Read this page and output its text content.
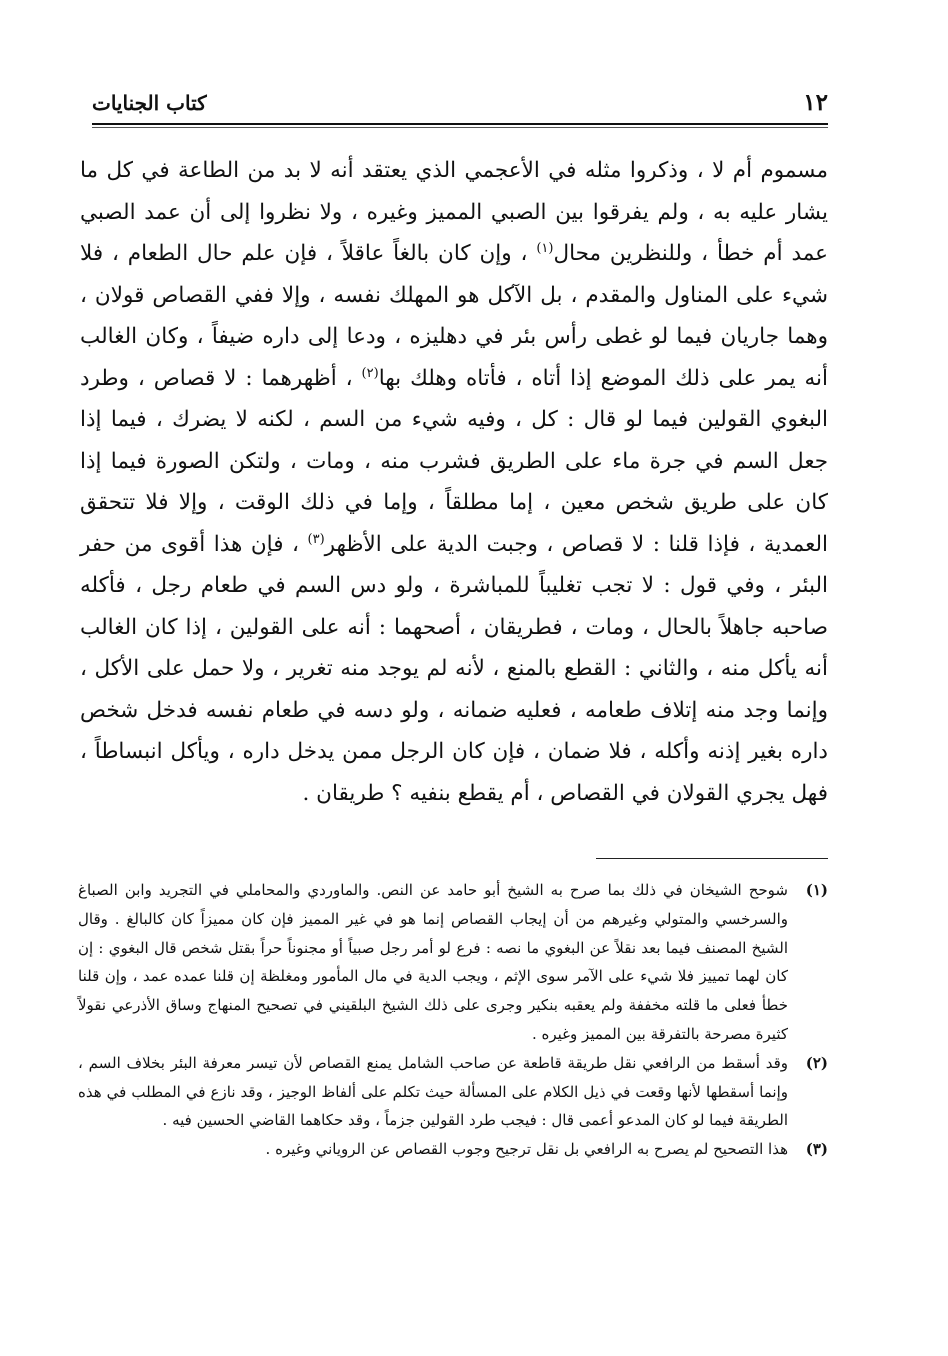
١٢
كتاب الجنايات

مسموم أم لا ، وذكروا مثله في الأعجمي الذي يعتقد أنه لا بد من الطاعة في كل ما يشار عليه به ، ولم يفرقوا بين الصبي المميز وغيره ، ولا نظروا إلى أن عمد الصبي عمد أم خطأ ، وللنظرين محال$^{(١)}$ ، وإن كان بالغاً عاقلاً ، فإن علم حال الطعام ، فلا شيء على المناول والمقدم ، بل الآكل هو المهلك نفسه ، وإلا ففي القصاص قولان ، وهما جاريان فيما لو غطى رأس بئر في دهليزه ، ودعا إلى داره ضيفاً ، وكان الغالب أنه يمر على ذلك الموضع إذا أتاه ، فأتاه وهلك بها$^{(٢)}$ ، أظهرهما : لا قصاص ، وطرد البغوي القولين فيما لو قال : كل ، وفيه شيء من السم ، لكنه لا يضرك ، فيما إذا جعل السم في جرة ماء على الطريق فشرب منه ، ومات ، ولتكن الصورة فيما إذا كان على طريق شخص معين ، إما مطلقاً ، وإما في ذلك الوقت ، وإلا فلا تتحقق العمدية ، فإذا قلنا : لا قصاص ، وجبت الدية على الأظهر$^{(٣)}$ ، فإن هذا أقوى من حفر البئر ، وفي قول : لا تجب تغليباً للمباشرة ، ولو دس السم في طعام رجل ، فأكله صاحبه جاهلاً بالحال ، ومات ، فطريقان ، أصحهما : أنه على القولين ، إذا كان الغالب أنه يأكل منه ، والثاني : القطع بالمنع ، لأنه لم يوجد منه تغرير ، ولا حمل على الأكل ، وإنما وجد منه إتلاف طعامه ، فعليه ضمانه ، ولو دسه في طعام نفسه فدخل شخص داره بغير إذنه وأكله ، فلا ضمان ، فإن كان الرجل ممن يدخل داره ، ويأكل انبساطاً ، فهل يجري القولان في القصاص ، أم يقطع بنفيه ؟ طريقان .

(١)
شوحح الشيخان في ذلك بما صرح به الشيخ أبو حامد عن النص. والماوردي والمحاملي في التجريد وابن الصباغ والسرخسي والمتولي وغيرهم من أن إيجاب القصاص إنما هو في غير المميز فإن كان مميزاً كان كالبالغ . وقال الشيخ المصنف فيما بعد نقلاً عن البغوي ما نصه : فرع لو أمر رجل صبياً أو مجنوناً حراً بقتل شخص قال البغوي : إن كان لهما تمييز فلا شيء على الآمر سوى الإثم ، ويجب الدية في مال المأمور ومغلظة إن قلنا عمده عمد ، وإن قلنا خطأ فعلى ما قلته مخففة ولم يعقبه بنكير وجرى على ذلك الشيخ البلقيني في تصحيح المنهاج وساق الأذرعي نقولاً كثيرة مصرحة بالتفرقة بين المميز وغيره .
(٢)
وقد أسقط من الرافعي نقل طريقة قاطعة عن صاحب الشامل يمنع القصاص لأن تيسر معرفة البئر بخلاف السم ، وإنما أسقطها لأنها وقعت في ذيل الكلام على المسألة حيث تكلم على ألفاظ الوجيز ، وقد نازع في المطلب في هذه الطريقة فيما لو كان المدعو أعمى قال : فيجب طرد القولين جزماً ، وقد حكاهما القاضي الحسين فيه .
(٣)
هذا التصحيح لم يصرح به الرافعي بل نقل ترجيح وجوب القصاص عن الروياني وغيره .
